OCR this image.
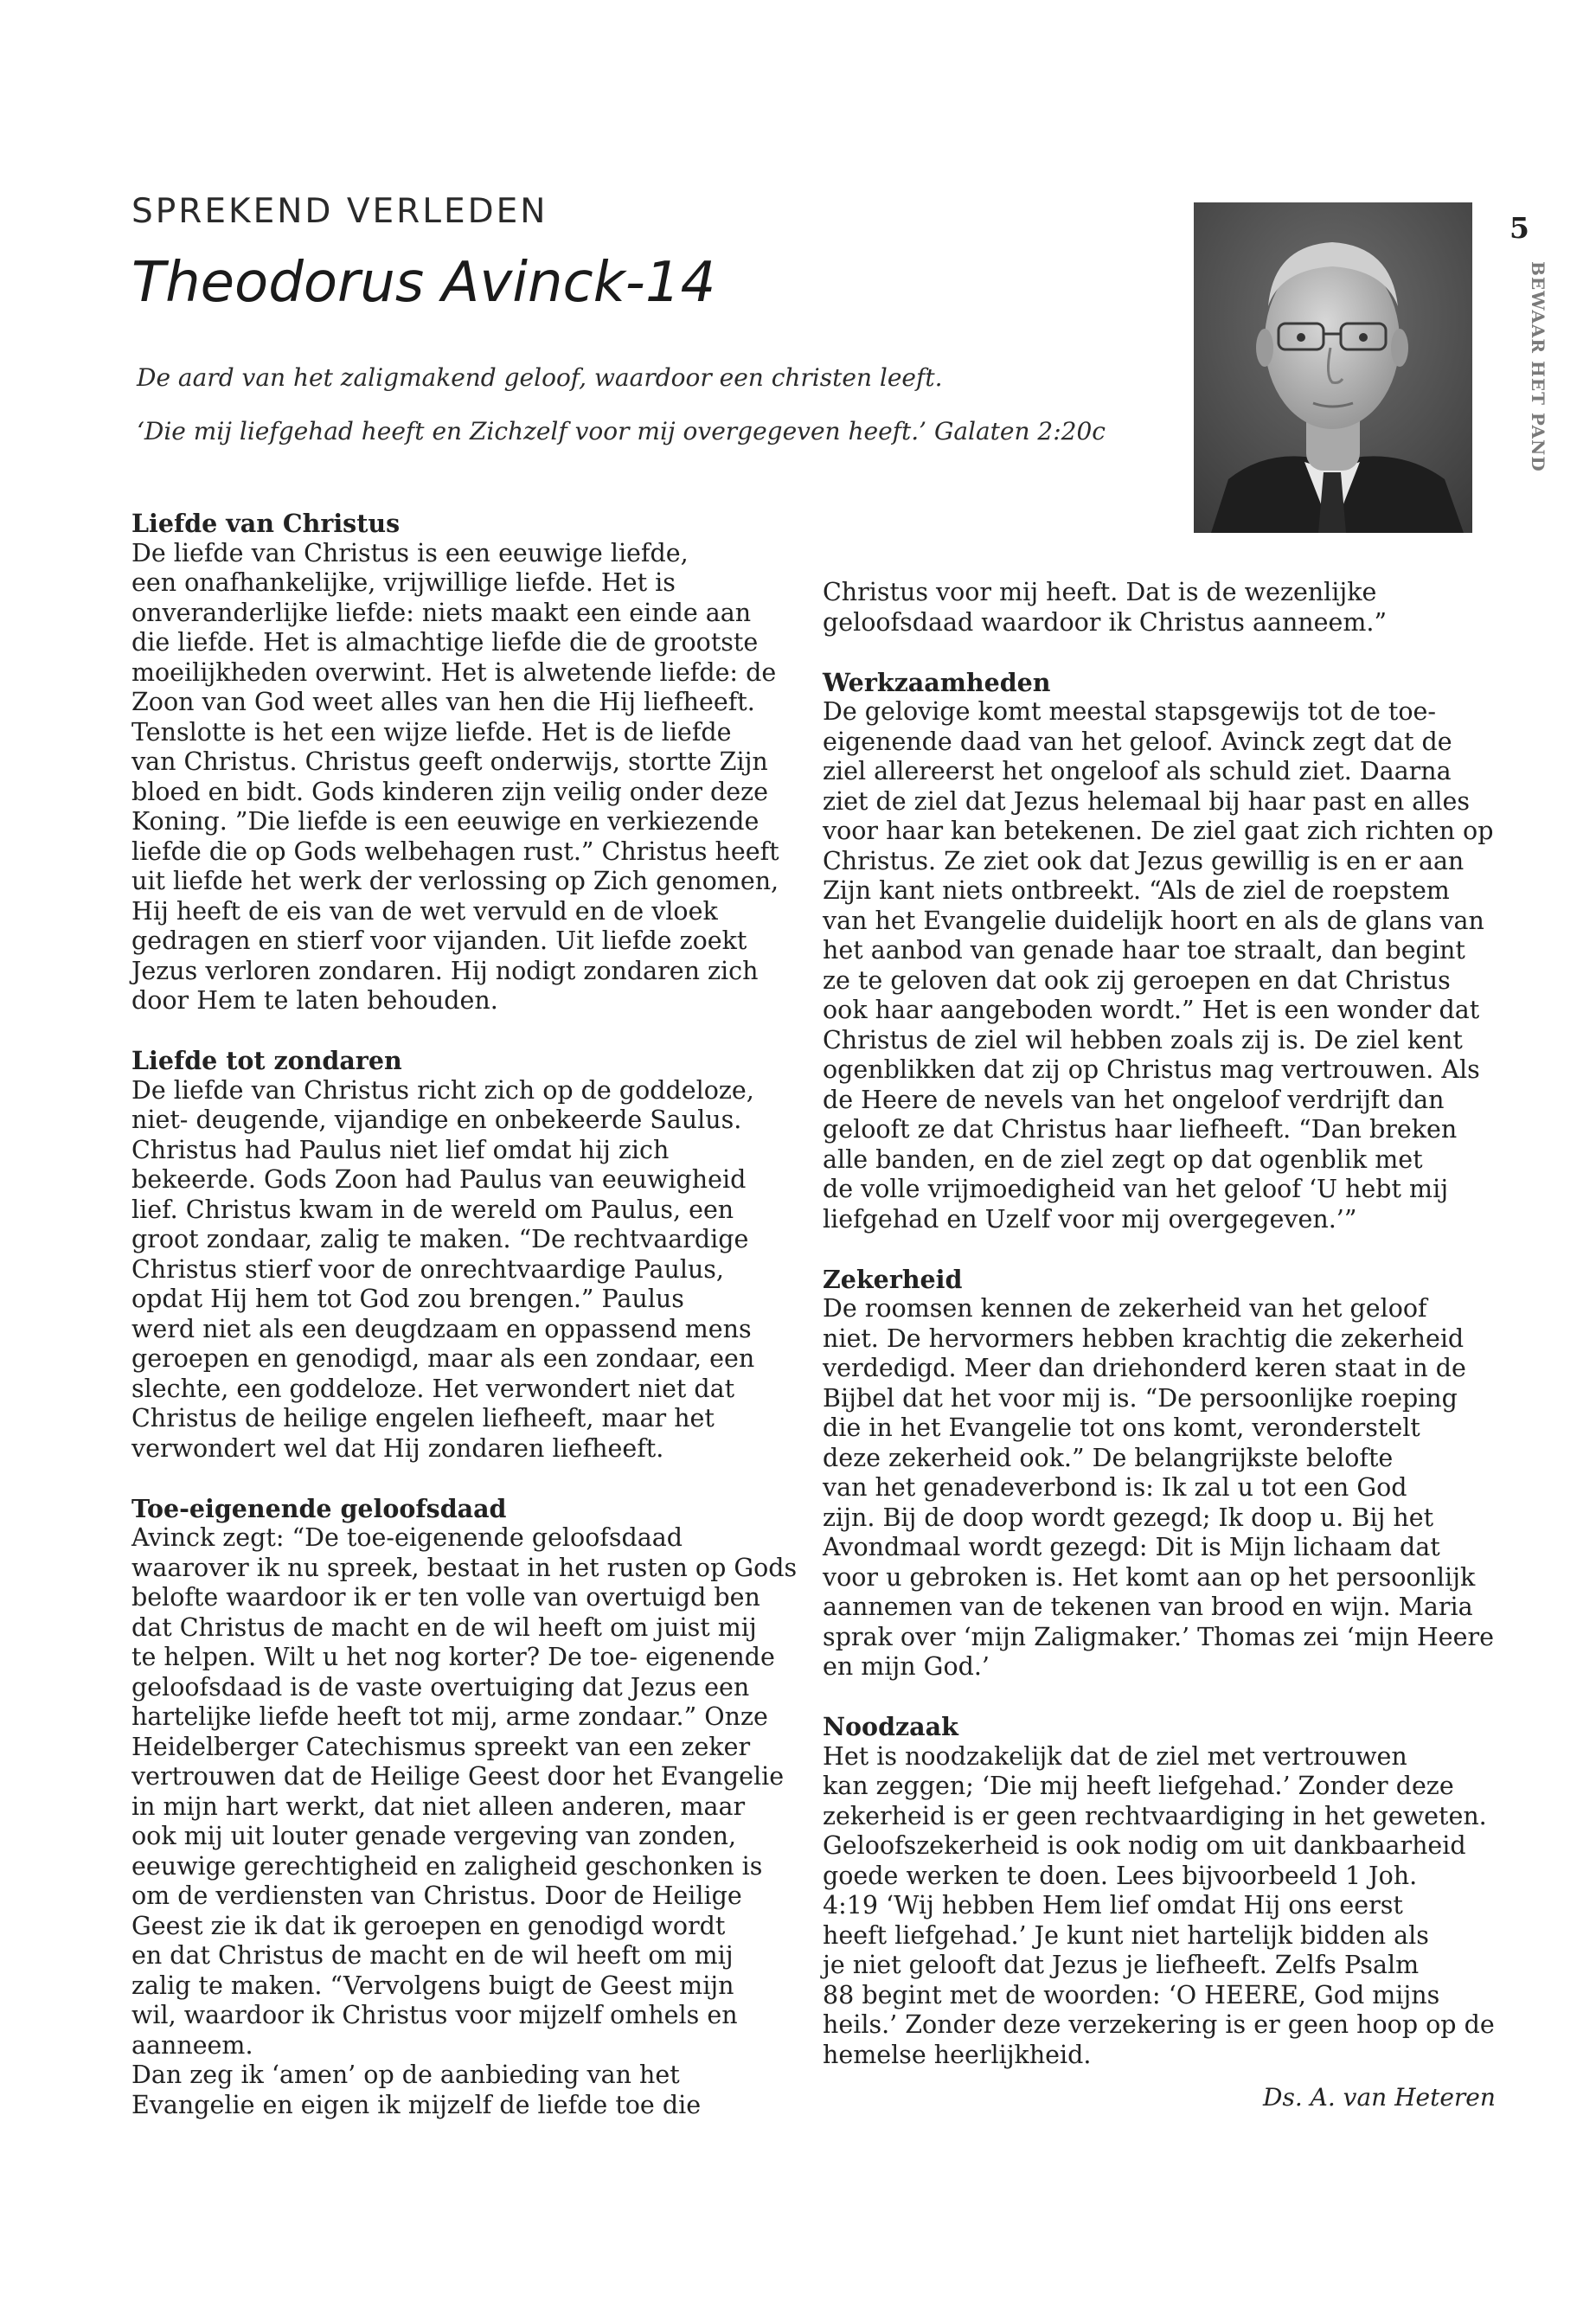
SPREKEND VERLEDEN
Theodorus Avinck-14
De aard van het zaligmakend geloof, waardoor een christen leeft.
‘Die mij liefgehad heeft en Zichzelf voor mij overgegeven heeft.’ Galaten 2:20c
5
BEWAAR HET PAND
Liefde van Christus
De liefde van Christus is een eeuwige liefde,
een onafhankelijke, vrijwillige liefde. Het is
onveranderlijke liefde: niets maakt een einde aan
die liefde. Het is almachtige liefde die de grootste
moeilijkheden overwint. Het is alwetende liefde: de
Zoon van God weet alles van hen die Hij liefheeft.
Tenslotte is het een wijze liefde. Het is de liefde
van Christus. Christus geeft onderwijs, stortte Zijn
bloed en bidt. Gods kinderen zijn veilig onder deze
Koning. ”Die liefde is een eeuwige en verkiezende
liefde die op Gods welbehagen rust.” Christus heeft
uit liefde het werk der verlossing op Zich genomen,
Hij heeft de eis van de wet vervuld en de vloek
gedragen en stierf voor vijanden. Uit liefde zoekt
Jezus verloren zondaren. Hij nodigt zondaren zich
door Hem te laten behouden.
Liefde tot zondaren
De liefde van Christus richt zich op de goddeloze,
niet- deugende, vijandige en onbekeerde Saulus.
Christus had Paulus niet lief omdat hij zich
bekeerde. Gods Zoon had Paulus van eeuwigheid
lief. Christus kwam in de wereld om Paulus, een
groot zondaar, zalig te maken. “De rechtvaardige
Christus stierf voor de onrechtvaardige Paulus,
opdat Hij hem tot God zou brengen.” Paulus
werd niet als een deugdzaam en oppassend mens
geroepen en genodigd, maar als een zondaar, een
slechte, een goddeloze. Het verwondert niet dat
Christus de heilige engelen liefheeft, maar het
verwondert wel dat Hij zondaren liefheeft.
Toe-eigenende geloofsdaad
Avinck zegt: “De toe-eigenende geloofsdaad
waarover ik nu spreek, bestaat in het rusten op Gods
belofte waardoor ik er ten volle van overtuigd ben
dat Christus de macht en de wil heeft om juist mij
te helpen. Wilt u het nog korter? De toe- eigenende
geloofsdaad is de vaste overtuiging dat Jezus een
hartelijke liefde heeft tot mij, arme zondaar.” Onze
Heidelberger Catechismus spreekt van een zeker
vertrouwen dat de Heilige Geest door het Evangelie
in mijn hart werkt, dat niet alleen anderen, maar
ook mij uit louter genade vergeving van zonden,
eeuwige gerechtigheid en zaligheid geschonken is
om de verdiensten van Christus. Door de Heilige
Geest zie ik dat ik geroepen en genodigd wordt
en dat Christus de macht en de wil heeft om mij
zalig te maken. “Vervolgens buigt de Geest mijn
wil, waardoor ik Christus voor mijzelf omhels en
aanneem.
Dan zeg ik ‘amen’ op de aanbieding van het
Evangelie en eigen ik mijzelf de liefde toe die
Christus voor mij heeft. Dat is de wezenlijke
geloofsdaad waardoor ik Christus aanneem.”
Werkzaamheden
De gelovige komt meestal stapsgewijs tot de toe-
eigenende daad van het geloof. Avinck zegt dat de
ziel allereerst het ongeloof als schuld ziet. Daarna
ziet de ziel dat Jezus helemaal bij haar past en alles
voor haar kan betekenen. De ziel gaat zich richten op
Christus. Ze ziet ook dat Jezus gewillig is en er aan
Zijn kant niets ontbreekt. “Als de ziel de roepstem
van het Evangelie duidelijk hoort en als de glans van
het aanbod van genade haar toe straalt, dan begint
ze te geloven dat ook zij geroepen en dat Christus
ook haar aangeboden wordt.” Het is een wonder dat
Christus de ziel wil hebben zoals zij is. De ziel kent
ogenblikken dat zij op Christus mag vertrouwen. Als
de Heere de nevels van het ongeloof verdrijft dan
gelooft ze dat Christus haar liefheeft. “Dan breken
alle banden, en de ziel zegt op dat ogenblik met
de volle vrijmoedigheid van het geloof ‘U hebt mij
liefgehad en Uzelf voor mij overgegeven.’”
Zekerheid
De roomsen kennen de zekerheid van het geloof
niet. De hervormers hebben krachtig die zekerheid
verdedigd. Meer dan driehonderd keren staat in de
Bijbel dat het voor mij is. “De persoonlijke roeping
die in het Evangelie tot ons komt, veronderstelt
deze zekerheid ook.” De belangrijkste belofte
van het genadeverbond is: Ik zal u tot een God
zijn. Bij de doop wordt gezegd; Ik doop u. Bij het
Avondmaal wordt gezegd: Dit is Mijn lichaam dat
voor u gebroken is. Het komt aan op het persoonlijk
aannemen van de tekenen van brood en wijn. Maria
sprak over ‘mijn Zaligmaker.’ Thomas zei ‘mijn Heere
en mijn God.’
Noodzaak
Het is noodzakelijk dat de ziel met vertrouwen
kan zeggen; ‘Die mij heeft liefgehad.’ Zonder deze
zekerheid is er geen rechtvaardiging in het geweten.
Geloofszekerheid is ook nodig om uit dankbaarheid
goede werken te doen. Lees bijvoorbeeld 1 Joh.
4:19 ‘Wij hebben Hem lief omdat Hij ons eerst
heeft liefgehad.’ Je kunt niet hartelijk bidden als
je niet gelooft dat Jezus je liefheeft. Zelfs Psalm
88 begint met de woorden: ‘O HEERE, God mijns
heils.’ Zonder deze verzekering is er geen hoop op de
hemelse heerlijkheid.
Ds. A. van Heteren
